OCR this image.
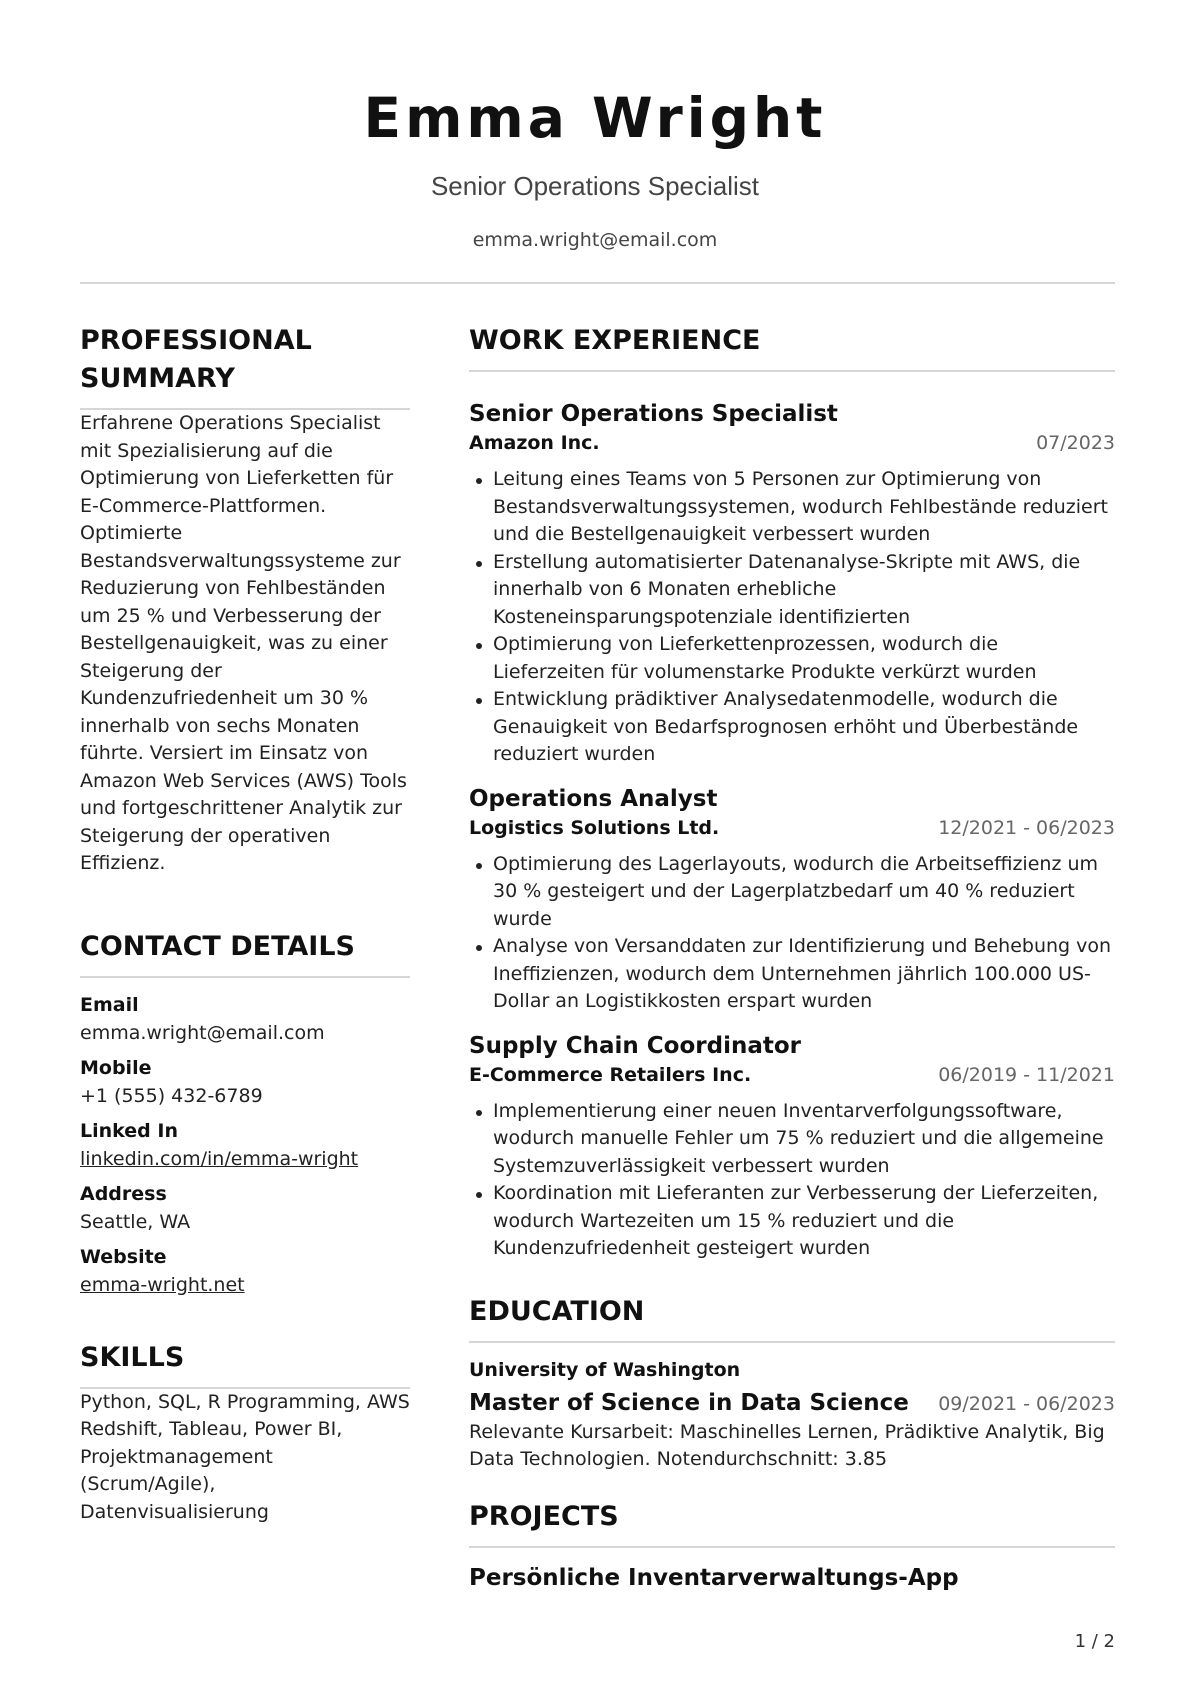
Emma Wright
Senior Operations Specialist
emma.wright@email.com
PROFESSIONAL SUMMARY

Erfahrene Operations Specialist mit Spezialisierung auf die Optimierung von Lieferketten für E-Commerce-Plattformen. Optimierte Bestandsverwaltungssysteme zur Reduzierung von Fehlbeständen um 25 % und Verbesserung der Bestellgenauigkeit, was zu einer Steigerung der Kundenzufriedenheit um 30 % innerhalb von sechs Monaten führte. Versiert im Einsatz von Amazon Web Services (AWS) Tools und fortgeschrittener Analytik zur Steigerung der operativen Effizienz.

CONTACT DETAILS
Email
emma.wright@email.com
Mobile
+1 (555) 432-6789
Linked In
linkedin.com/in/emma-wright
Address
Seattle, WA
Website
emma-wright.net
SKILLS

Python, SQL, R Programming, AWS Redshift, Tableau, Power BI, Projektmanagement (Scrum/Agile), Datenvisualisierung

WORK EXPERIENCE
Senior Operations Specialist
Amazon Inc.	07/2023
Leitung eines Teams von 5 Personen zur Optimierung von Bestandsverwaltungssystemen, wodurch Fehlbestände reduziert und die Bestellgenauigkeit verbessert wurden
Erstellung automatisierter Datenanalyse-Skripte mit AWS, die innerhalb von 6 Monaten erhebliche Kosteneinsparungspotenziale identifizierten
Optimierung von Lieferkettenprozessen, wodurch die Lieferzeiten für volumenstarke Produkte verkürzt wurden
Entwicklung prädiktiver Analysedatenmodelle, wodurch die Genauigkeit von Bedarfsprognosen erhöht und Überbestände reduziert wurden
Operations Analyst
Logistics Solutions Ltd.	12/2021 - 06/2023
Optimierung des Lagerlayouts, wodurch die Arbeitseffizienz um 30 % gesteigert und der Lagerplatzbedarf um 40 % reduziert wurde
Analyse von Versanddaten zur Identifizierung und Behebung von Ineffizienzen, wodurch dem Unternehmen jährlich 100.000 US-Dollar an Logistikkosten erspart wurden
Supply Chain Coordinator
E-Commerce Retailers Inc.	06/2019 - 11/2021
Implementierung einer neuen Inventarverfolgungssoftware, wodurch manuelle Fehler um 75 % reduziert und die allgemeine Systemzuverlässigkeit verbessert wurden
Koordination mit Lieferanten zur Verbesserung der Lieferzeiten, wodurch Wartezeiten um 15 % reduziert und die Kundenzufriedenheit gesteigert wurden
EDUCATION
University of Washington
Master of Science in Data Science 09/2021 - 06/2023

Relevante Kursarbeit: Maschinelles Lernen, Prädiktive Analytik, Big Data Technologien. Notendurchschnitt: 3.85

PROJECTS
Persönliche Inventarverwaltungs-App
1 / 2
